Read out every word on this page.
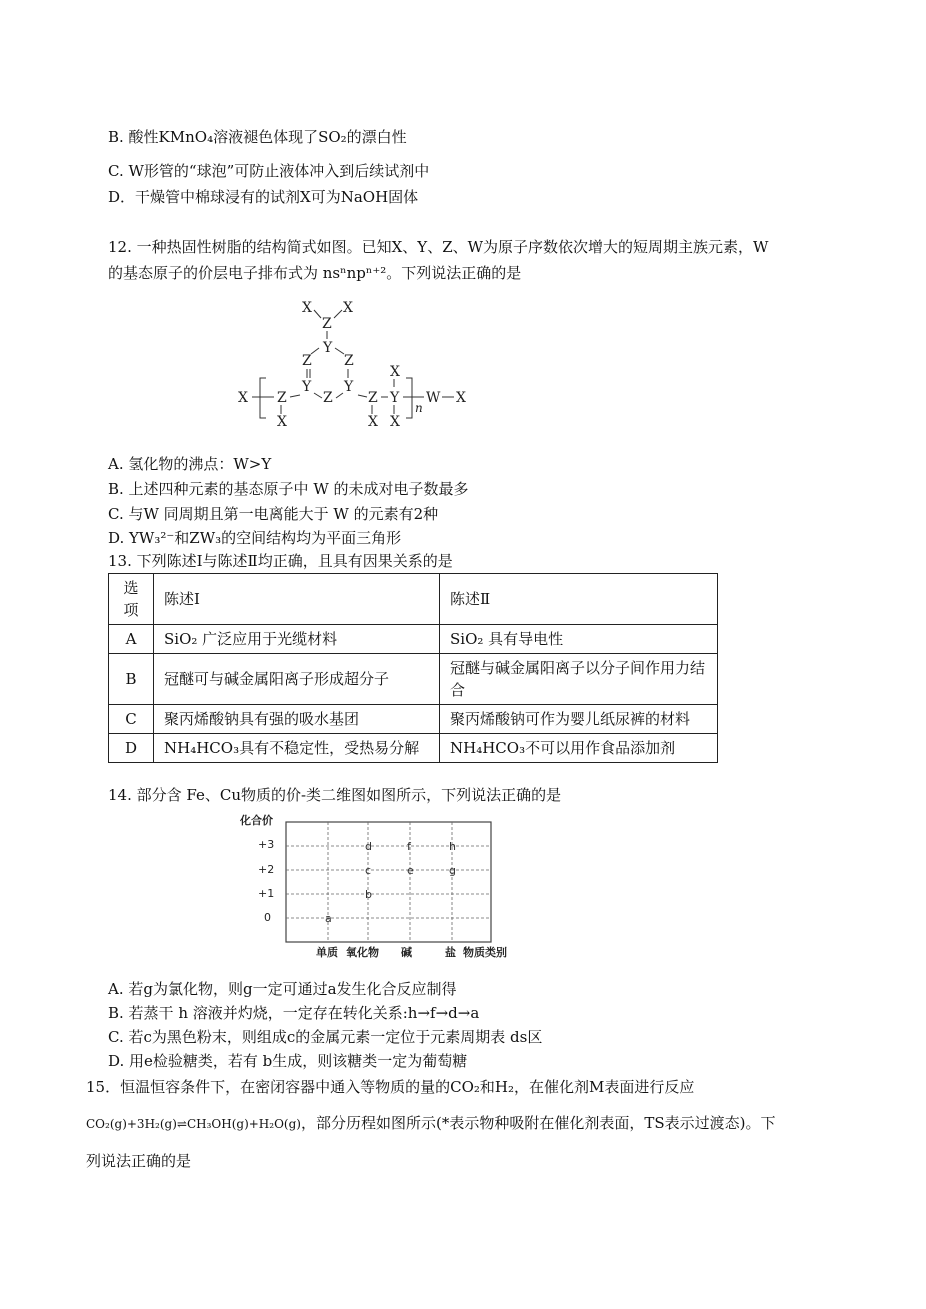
B. 酸性KMnO₄溶液褪色体现了SO₂的漂白性
C. W形管的“球泡”可防止液体冲入到后续试剂中
D．干燥管中棉球浸有的试剂X可为NaOH固体
12. 一种热固性树脂的结构简式如图。已知X、Y、Z、W为原子序数依次增大的短周期主族元素，W
的基态原子的价层电子排布式为 nsⁿnpⁿ⁺²。下列说法正确的是
X X
Z
Y
Z Z
Y
Z
Y
X Z
X
Z
X
X
Y
X
W X
n
A. 氢化物的沸点：W>Y
B. 上述四种元素的基态原子中 W 的未成对电子数最多
C. 与W 同周期且第一电离能大于 W 的元素有2种
D. YW₃²⁻和ZW₃的空间结构均为平面三角形
13. 下列陈述Ⅰ与陈述Ⅱ均正确，且具有因果关系的是
选项	陈述Ⅰ	陈述Ⅱ
A	SiO₂ 广泛应用于光缆材料	SiO₂ 具有导电性
B	冠醚可与碱金属阳离子形成超分子	冠醚与碱金属阳离子以分子间作用力结合
C	聚丙烯酸钠具有强的吸水基团	聚丙烯酸钠可作为婴儿纸尿裤的材料
D	NH₄HCO₃具有不稳定性，受热易分解	NH₄HCO₃不可以用作食品添加剂
14. 部分含 Fe、Cu物质的价-类二维图如图所示，下列说法正确的是
化合价
+3
+2
+1
0
单质 氧化物 碱	盐 物质类别
a
b
c
d
e
f
g
h
A. 若g为氯化物，则g一定可通过a发生化合反应制得
B. 若蒸干 h 溶液并灼烧，一定存在转化关系:h→f→d→a
C. 若c为黑色粉末，则组成c的金属元素一定位于元素周期表 ds区
D. 用e检验糖类，若有 b生成，则该糖类一定为葡萄糖
15．恒温恒容条件下，在密闭容器中通入等物质的量的CO₂和H₂，在催化剂M表面进行反应
CO₂(g)+3H₂(g)⇌CH₃OH(g)+H₂O(g)，部分历程如图所示(*表示物种吸附在催化剂表面，TS表示过渡态)。下
列说法正确的是
